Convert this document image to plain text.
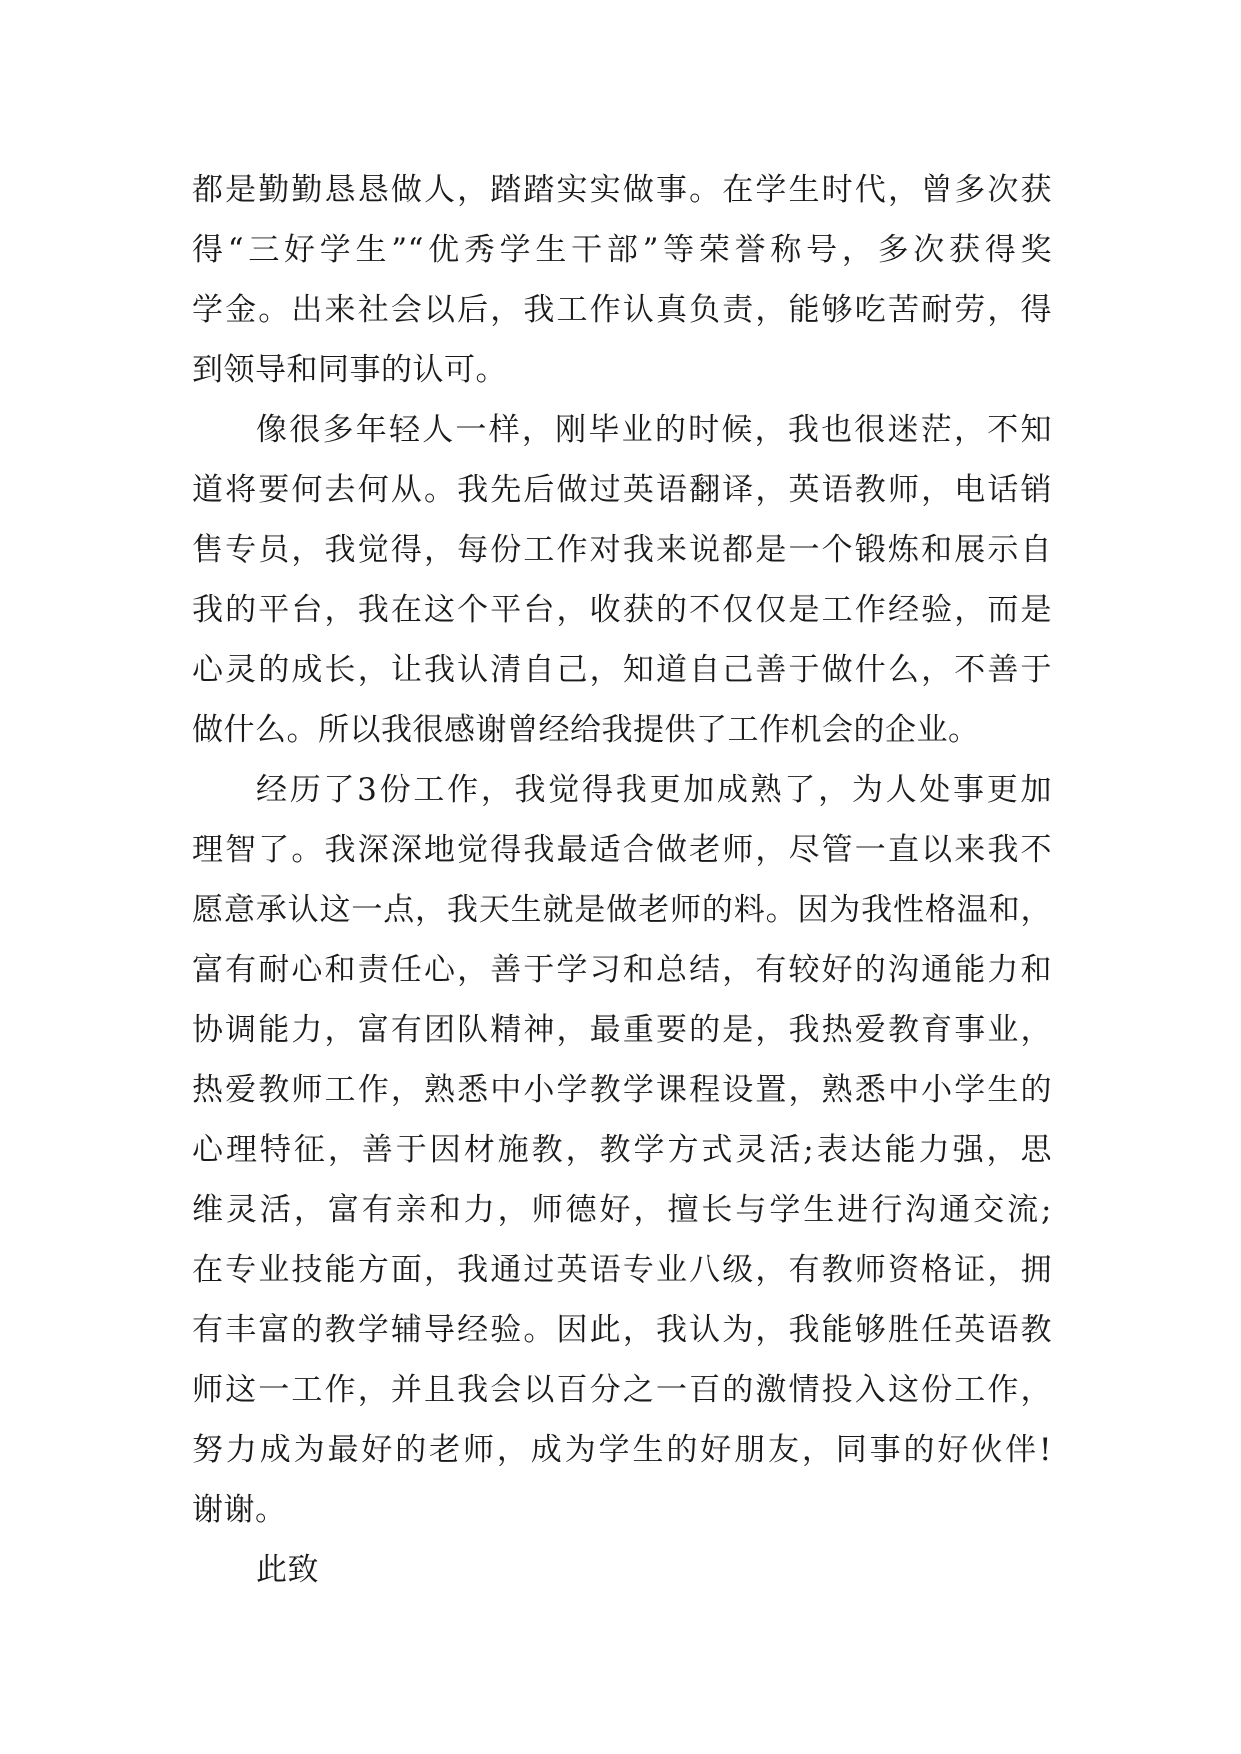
都是勤勤恳恳做人，踏踏实实做事。在学生时代，曾多次获
得“三好学生”“优秀学生干部”等荣誉称号，多次获得奖
学金。出来社会以后，我工作认真负责，能够吃苦耐劳，得
到领导和同事的认可。
像很多年轻人一样，刚毕业的时候，我也很迷茫，不知
道将要何去何从。我先后做过英语翻译，英语教师，电话销
售专员，我觉得，每份工作对我来说都是一个锻炼和展示自
我的平台，我在这个平台，收获的不仅仅是工作经验，而是
心灵的成长，让我认清自己，知道自己善于做什么，不善于
做什么。所以我很感谢曾经给我提供了工作机会的企业。
经历了3份工作，我觉得我更加成熟了，为人处事更加
理智了。我深深地觉得我最适合做老师，尽管一直以来我不
愿意承认这一点，我天生就是做老师的料。因为我性格温和，
富有耐心和责任心，善于学习和总结，有较好的沟通能力和
协调能力，富有团队精神，最重要的是，我热爱教育事业，
热爱教师工作，熟悉中小学教学课程设置，熟悉中小学生的
心理特征，善于因材施教，教学方式灵活;表达能力强，思
维灵活，富有亲和力，师德好，擅长与学生进行沟通交流;
在专业技能方面，我通过英语专业八级，有教师资格证，拥
有丰富的教学辅导经验。因此，我认为，我能够胜任英语教
师这一工作，并且我会以百分之一百的激情投入这份工作，
努力成为最好的老师，成为学生的好朋友，同事的好伙伴!
谢谢。
此致
